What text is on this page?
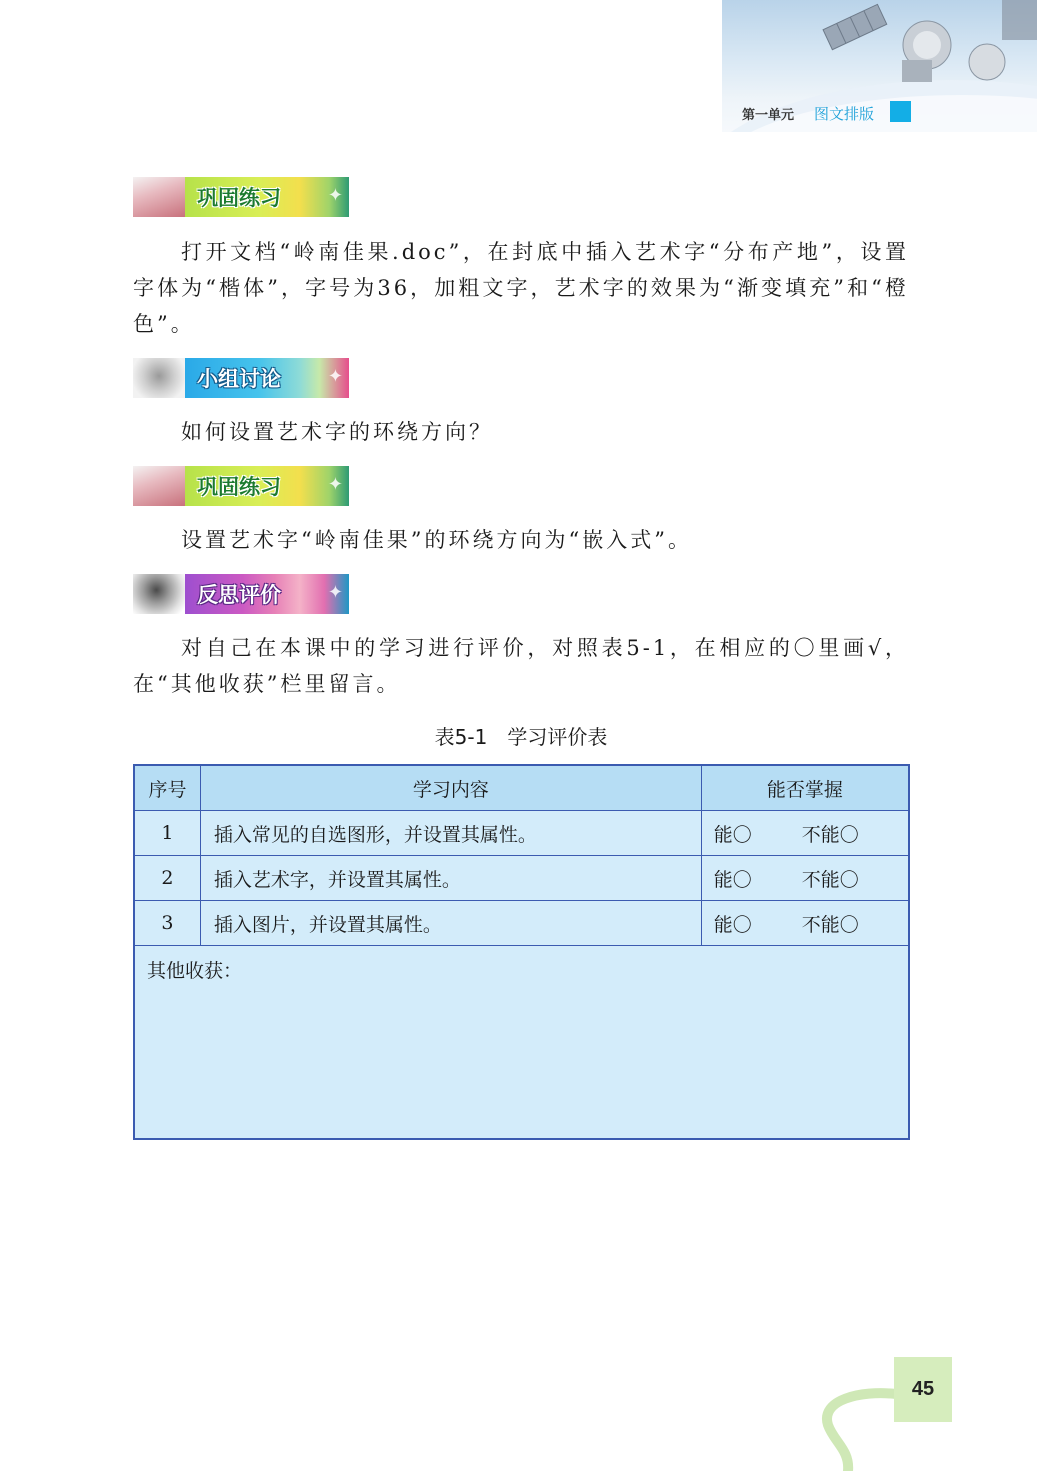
第一单元 图文排版
巩固练习	✦
打开文档“岭南佳果.doc”，在封底中插入艺术字“分布产地”，设置字体为“楷体”，字号为36，加粗文字，艺术字的效果为“渐变填充”和“橙色”。
小组讨论	✦
如何设置艺术字的环绕方向？
巩固练习	✦
设置艺术字“岭南佳果”的环绕方向为“嵌入式”。
反思评价	✦
对自己在本课中的学习进行评价，对照表5-1，在相应的〇里画√，在“其他收获”栏里留言。
表5-1　学习评价表
序号	学习内容	能否掌握
1	插入常见的自选图形，并设置其属性。	能〇 不能〇
2	插入艺术字，并设置其属性。	能〇 不能〇
3	插入图片，并设置其属性。	能〇 不能〇
其他收获：		
45
